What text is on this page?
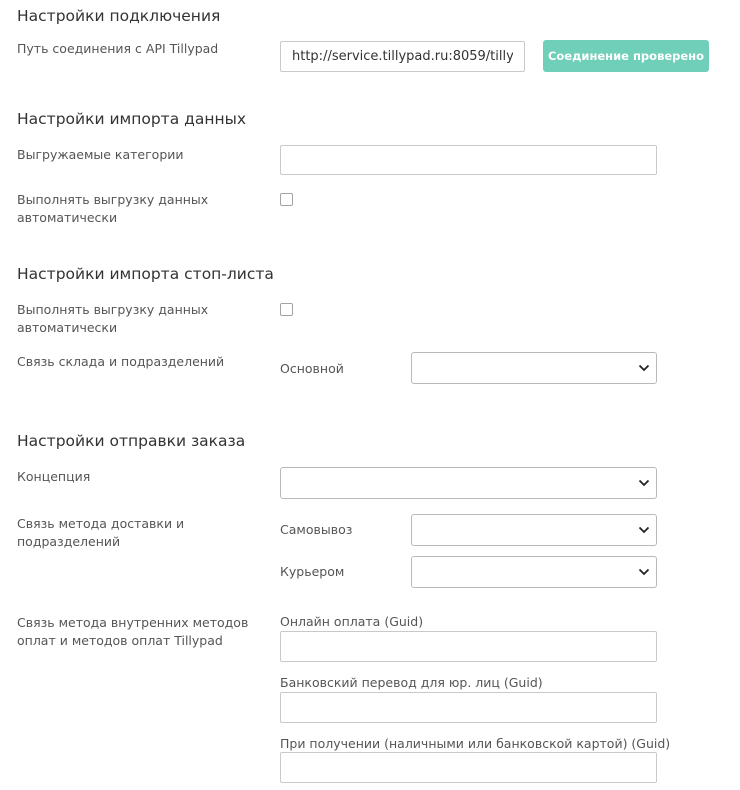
Настройки подключения
Путь соединения с API Tillypad
http://service.tillypad.ru:8059/tilly	Соединение проверено
Настройки импорта данных
Выгружаемые категории
Выполнять выгрузку данных автоматически
Настройки импорта стоп-листа
Выполнять выгрузку данных автоматически
Связь склада и подразделений	Основной
Настройки отправки заказа
Концепция
Связь метода доставки и подразделений
Самовывоз
Курьером
Связь метода внутренних методов оплат и методов оплат Tillypad
Онлайн оплата (Guid)
Банковский перевод для юр. лиц (Guid)
При получении (наличными или банковской картой) (Guid)
